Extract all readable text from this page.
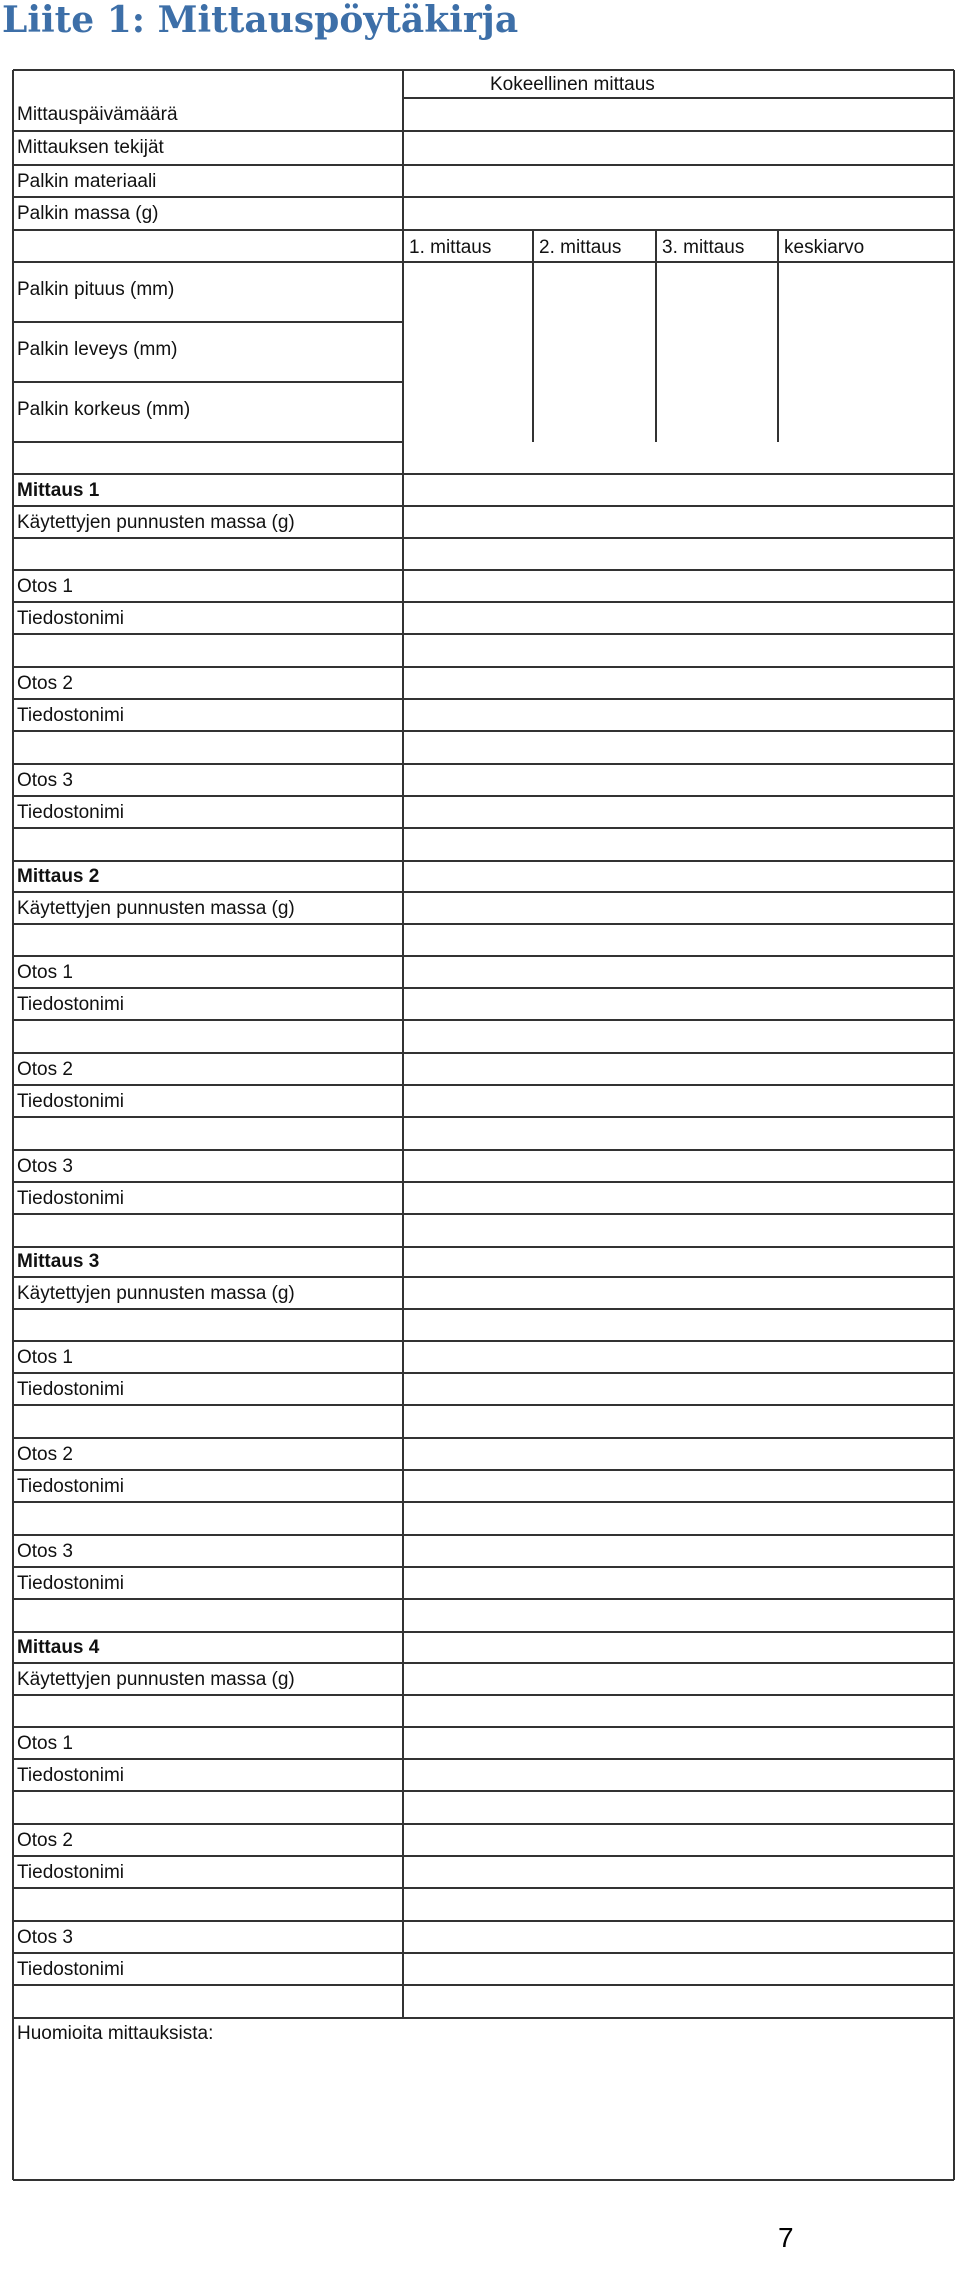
Liite 1: Mittauspöytäkirja
Kokeellinen mittaus
Mittauspäivämäärä
Mittauksen tekijät
Palkin materiaali
Palkin massa (g)
1. mittaus	2. mittaus 3. mittaus keskiarvo
Palkin pituus (mm)
Palkin leveys (mm)
Palkin korkeus (mm)
Mittaus 1
Käytettyjen punnusten massa (g)
Otos 1
Tiedostonimi
Otos 2
Tiedostonimi
Otos 3
Tiedostonimi
Mittaus 2
Käytettyjen punnusten massa (g)
Otos 1
Tiedostonimi
Otos 2
Tiedostonimi
Otos 3
Tiedostonimi
Mittaus 3
Käytettyjen punnusten massa (g)
Otos 1
Tiedostonimi
Otos 2
Tiedostonimi
Otos 3
Tiedostonimi
Mittaus 4
Käytettyjen punnusten massa (g)
Otos 1
Tiedostonimi
Otos 2
Tiedostonimi
Otos 3
Tiedostonimi
Huomioita mittauksista:
7
